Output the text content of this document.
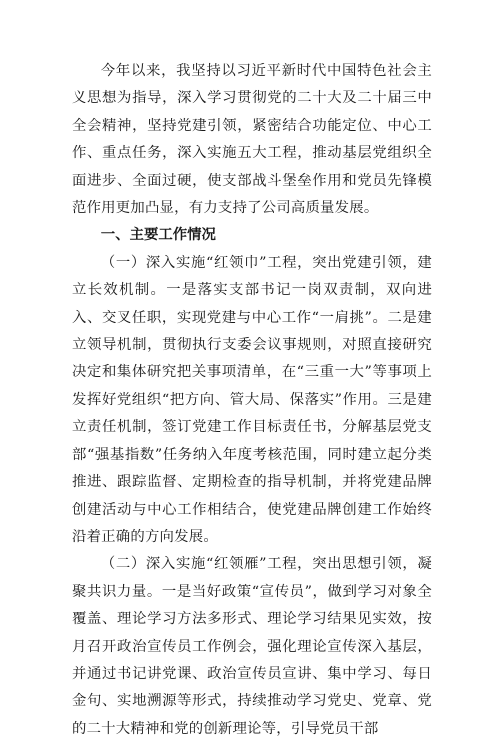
今年以来，我坚持以习近平新时代中国特色社会主义思想为指导，深入学习贯彻党的二十大及二十届三中全会精神，坚持党建引领，紧密结合功能定位、中心工作、重点任务，深入实施五大工程，推动基层党组织全面进步、全面过硬，使支部战斗堡垒作用和党员先锋模范作用更加凸显，有力支持了公司高质量发展。

一、主要工作情况

（一）深入实施“红领巾”工程，突出党建引领，建立长效机制。一是落实支部书记一岗双责制，双向进入、交叉任职，实现党建与中心工作“一肩挑”。二是建立领导机制，贯彻执行支委会议事规则，对照直接研究决定和集体研究把关事项清单，在“三重一大”等事项上发挥好党组织“把方向、管大局、保落实”作用。三是建立责任机制，签订党建工作目标责任书，分解基层党支部“强基指数”任务纳入年度考核范围，同时建立起分类推进、跟踪监督、定期检查的指导机制，并将党建品牌创建活动与中心工作相结合，使党建品牌创建工作始终沿着正确的方向发展。

（二）深入实施“红领雁”工程，突出思想引领，凝聚共识力量。一是当好政策“宣传员”，做到学习对象全覆盖、理论学习方法多形式、理论学习结果见实效，按月召开政治宣传员工作例会，强化理论宣传深入基层，并通过书记讲党课、政治宣传员宣讲、集中学习、每日金句、实地溯源等形式，持续推动学习党史、党章、党的二十大精神和党的创新理论等，引导党员干部
